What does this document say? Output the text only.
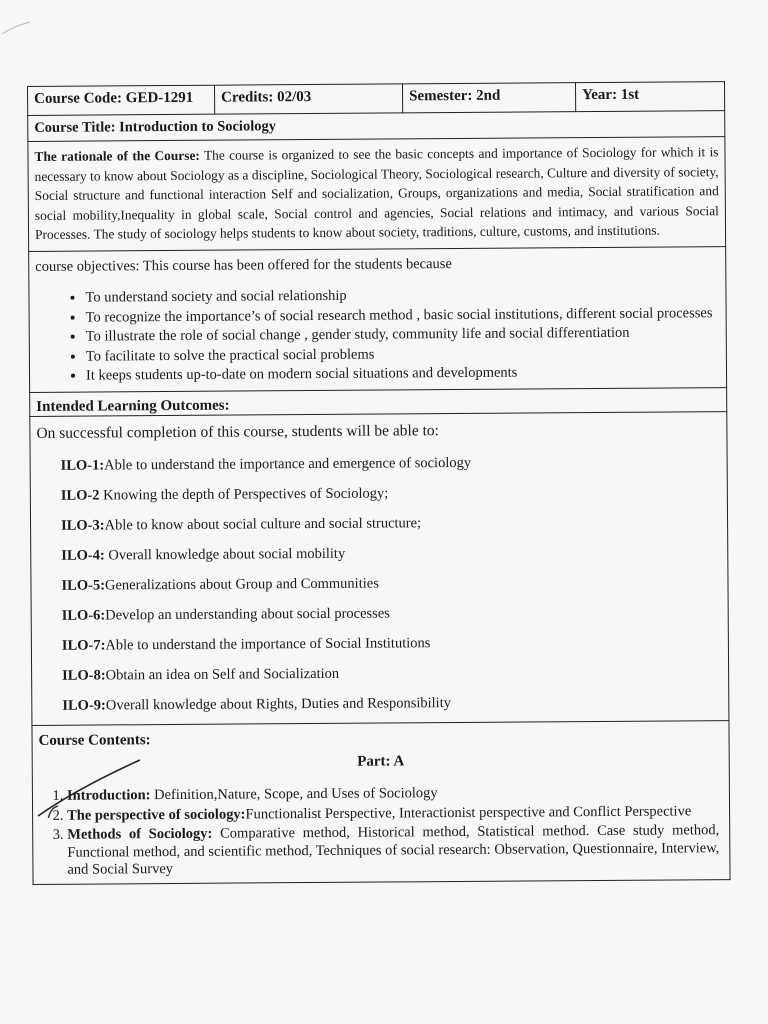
Course Code: GED-1291	Credits: 02/03	Semester: 2nd	Year: 1st
Course Title: Introduction to Sociology
The rationale of the Course: The course is organized to see the basic concepts and importance of Sociology for which it is necessary to know about Sociology as a discipline, Sociological Theory, Sociological research, Culture and diversity of society, Social structure and functional interaction Self and socialization, Groups, organizations and media, Social stratification and social mobility,Inequality in global scale, Social control and agencies, Social relations and intimacy, and various Social Processes. The study of sociology helps students to know about society, traditions, culture, customs, and institutions.

course objectives: This course has been offered for the students because
• To understand society and social relationship
• To recognize the importance’s of social research method , basic social institutions, different social processes
• To illustrate the role of social change , gender study, community life and social differentiation
• To facilitate to solve the practical social problems
• It keeps students up-to-date on modern social situations and developments

Intended Learning Outcomes:

On successful completion of this course, students will be able to:
ILO-1:Able to understand the importance and emergence of sociology
ILO-2 Knowing the depth of Perspectives of Sociology;
ILO-3:Able to know about social culture and social structure;
ILO-4: Overall knowledge about social mobility
ILO-5:Generalizations about Group and Communities
ILO-6:Develop an understanding about social processes
ILO-7:Able to understand the importance of Social Institutions
ILO-8:Obtain an idea on Self and Socialization
ILO-9:Overall knowledge about Rights, Duties and Responsibility

Course Contents:
Part: A
1. Introduction: Definition,Nature, Scope, and Uses of Sociology
2. The perspective of sociology:Functionalist Perspective, Interactionist perspective and Conflict Perspective
3. Methods of Sociology: Comparative method, Historical method, Statistical method. Case study method, Functional method, and scientific method, Techniques of social research: Observation, Questionnaire, Interview, and Social Survey
